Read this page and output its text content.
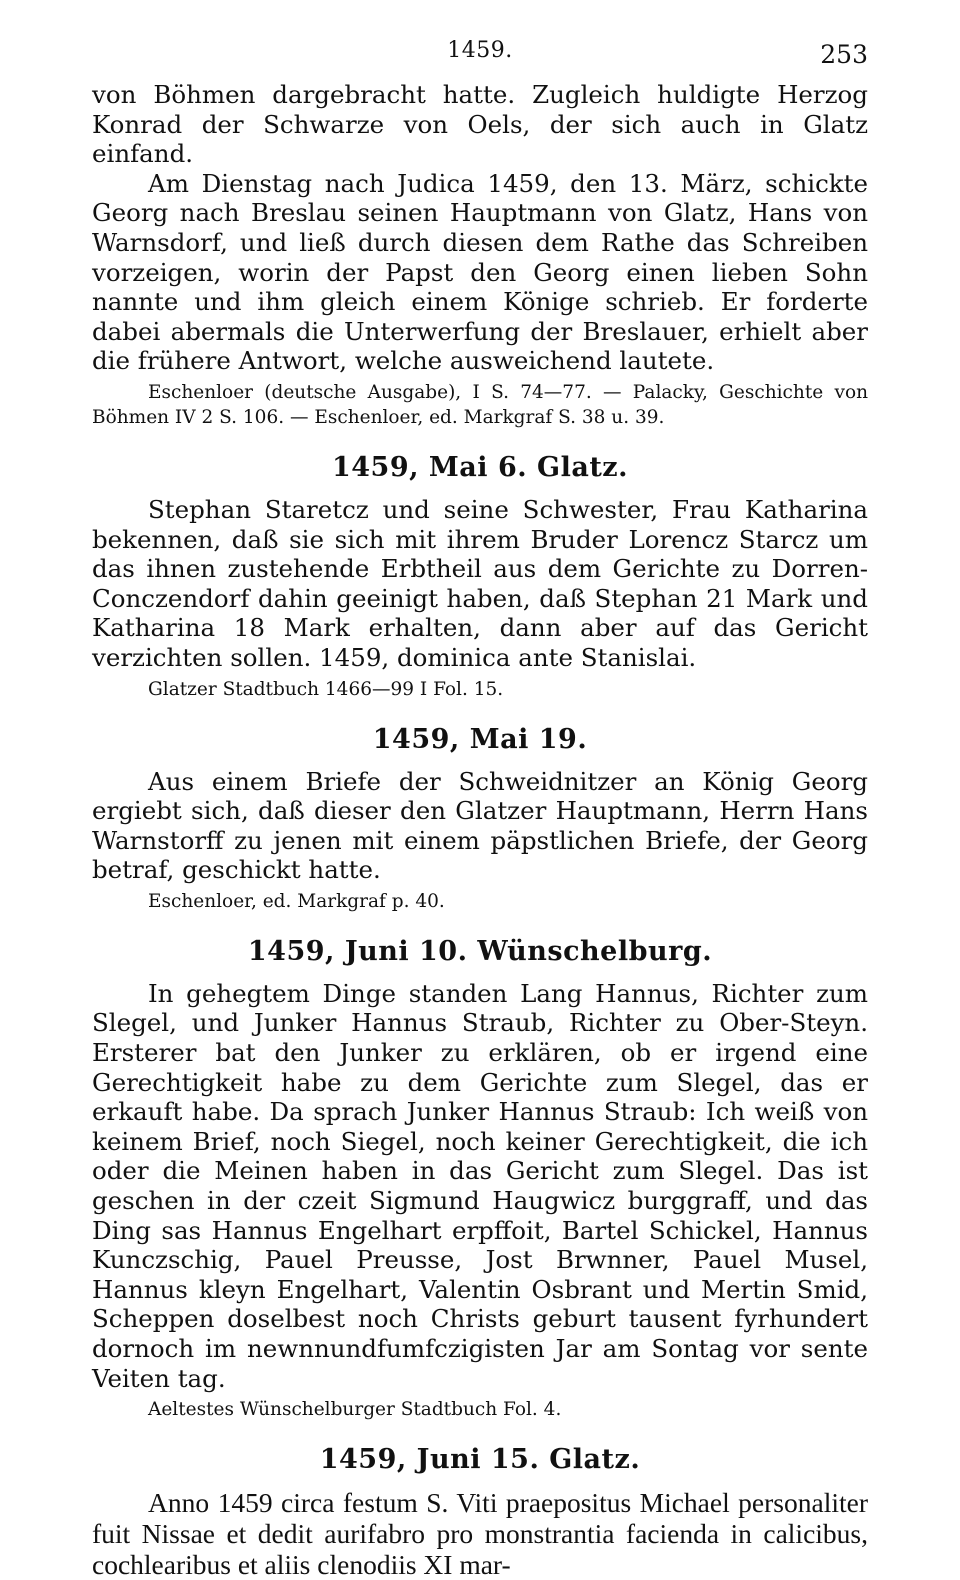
1459.	253

von Böhmen dargebracht hatte. Zugleich huldigte Herzog Konrad der Schwarze von Oels, der sich auch in Glatz einfand.

Am Dienstag nach Judica 1459, den 13. März, schickte Georg nach Breslau seinen Hauptmann von Glatz, Hans von Warnsdorf, und ließ durch diesen dem Rathe das Schreiben vorzeigen, worin der Papst den Georg einen lieben Sohn nannte und ihm gleich einem Könige schrieb. Er forderte dabei abermals die Unterwerfung der Breslauer, erhielt aber die frühere Antwort, welche ausweichend lautete.

Eschenloer (deutsche Ausgabe), I S. 74—77. — Palacky, Geschichte von Böhmen IV 2 S. 106. — Eschenloer, ed. Markgraf S. 38 u. 39.

1459, Mai 6. Glatz.

Stephan Staretcz und seine Schwester, Frau Katharina bekennen, daß sie sich mit ihrem Bruder Lorencz Starcz um das ihnen zustehende Erbtheil aus dem Gerichte zu Dorren-Conczendorf dahin geeinigt haben, daß Stephan 21 Mark und Katharina 18 Mark erhalten, dann aber auf das Gericht verzichten sollen. 1459, dominica ante Stanislai.

Glatzer Stadtbuch 1466—99 I Fol. 15.

1459, Mai 19.

Aus einem Briefe der Schweidnitzer an König Georg ergiebt sich, daß dieser den Glatzer Hauptmann, Herrn Hans Warnstorff zu jenen mit einem päpstlichen Briefe, der Georg betraf, geschickt hatte.

Eschenloer, ed. Markgraf p. 40.

1459, Juni 10. Wünschelburg.

In gehegtem Dinge standen Lang Hannus, Richter zum Slegel, und Junker Hannus Straub, Richter zu Ober-Steyn. Ersterer bat den Junker zu erklären, ob er irgend eine Gerechtigkeit habe zu dem Gerichte zum Slegel, das er erkauft habe. Da sprach Junker Hannus Straub: Ich weiß von keinem Brief, noch Siegel, noch keiner Gerechtigkeit, die ich oder die Meinen haben in das Gericht zum Slegel. Das ist geschen in der czeit Sigmund Haugwicz burggraff, und das Ding sas Hannus Engelhart erpffoit, Bartel Schickel, Hannus Kunczschig, Pauel Preusse, Jost Brwnner, Pauel Musel, Hannus kleyn Engelhart, Valentin Osbrant und Mertin Smid, Scheppen doselbest noch Christs geburt tausent fyrhundert dornoch im newnnundfumfczigisten Jar am Sontag vor sente Veiten tag.

Aeltestes Wünschelburger Stadtbuch Fol. 4.

1459, Juni 15. Glatz.

Anno 1459 circa festum S. Viti praepositus Michael personaliter fuit Nissae et dedit aurifabro pro monstrantia facienda in calicibus, cochlearibus et aliis clenodiis XI mar-
